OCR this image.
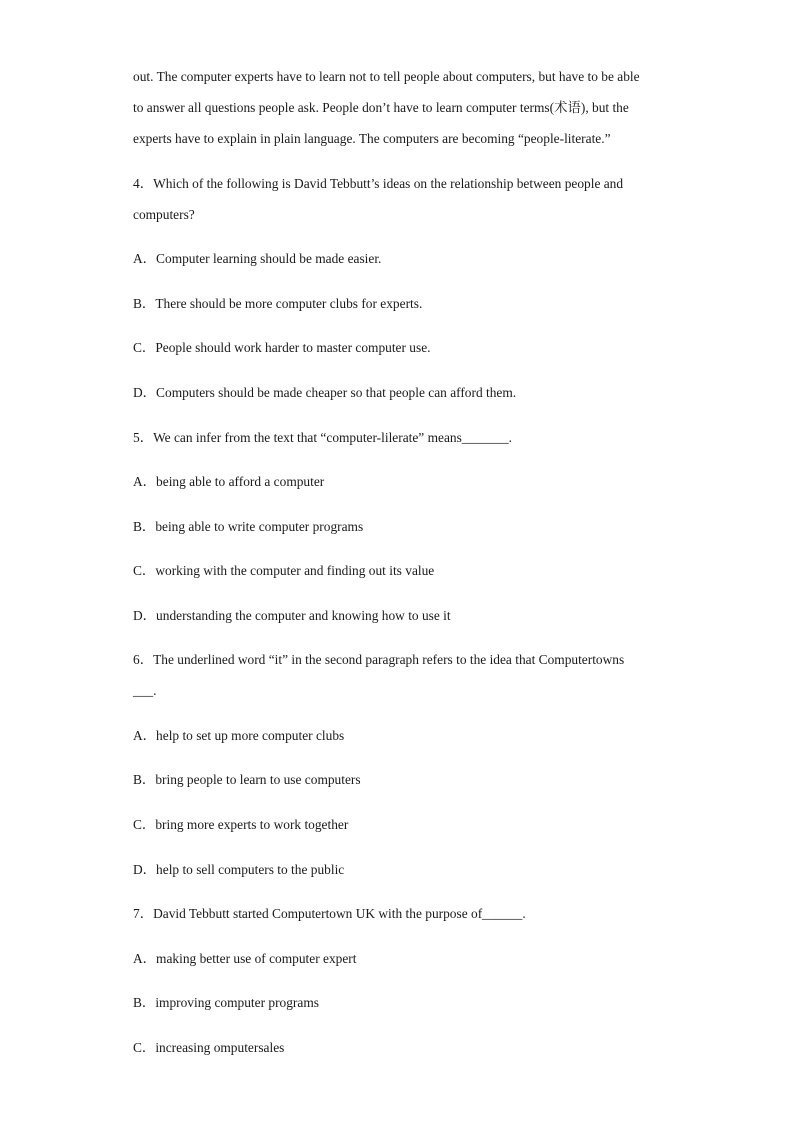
out. The computer experts have to learn not to tell people about computers, but have to be able
to answer all questions people ask. People don’t have to learn computer terms(术语), but the
experts have to explain in plain language. The computers are becoming “people-literate.”
4．Which of the following is David Tebbutt’s ideas on the relationship between people and
computers?
A．Computer learning should be made easier.
B．There should be more computer clubs for experts.
C．People should work harder to master computer use.
D．Computers should be made cheaper so that people can afford them.
5．We can infer from the text that “computer-lilerate” means_______.
A．being able to afford a computer
B．being able to write computer programs
C．working with the computer and finding out its value
D．understanding the computer and knowing how to use it
6．The underlined word “it” in the second paragraph refers to the idea that Computertowns
___.
A．help to set up more computer clubs
B．bring people to learn to use computers
C．bring more experts to work together
D．help to sell computers to the public
7．David Tebbutt started Computertown UK with the purpose of______.
A．making better use of computer expert
B．improving computer programs
C．increasing omputersales
